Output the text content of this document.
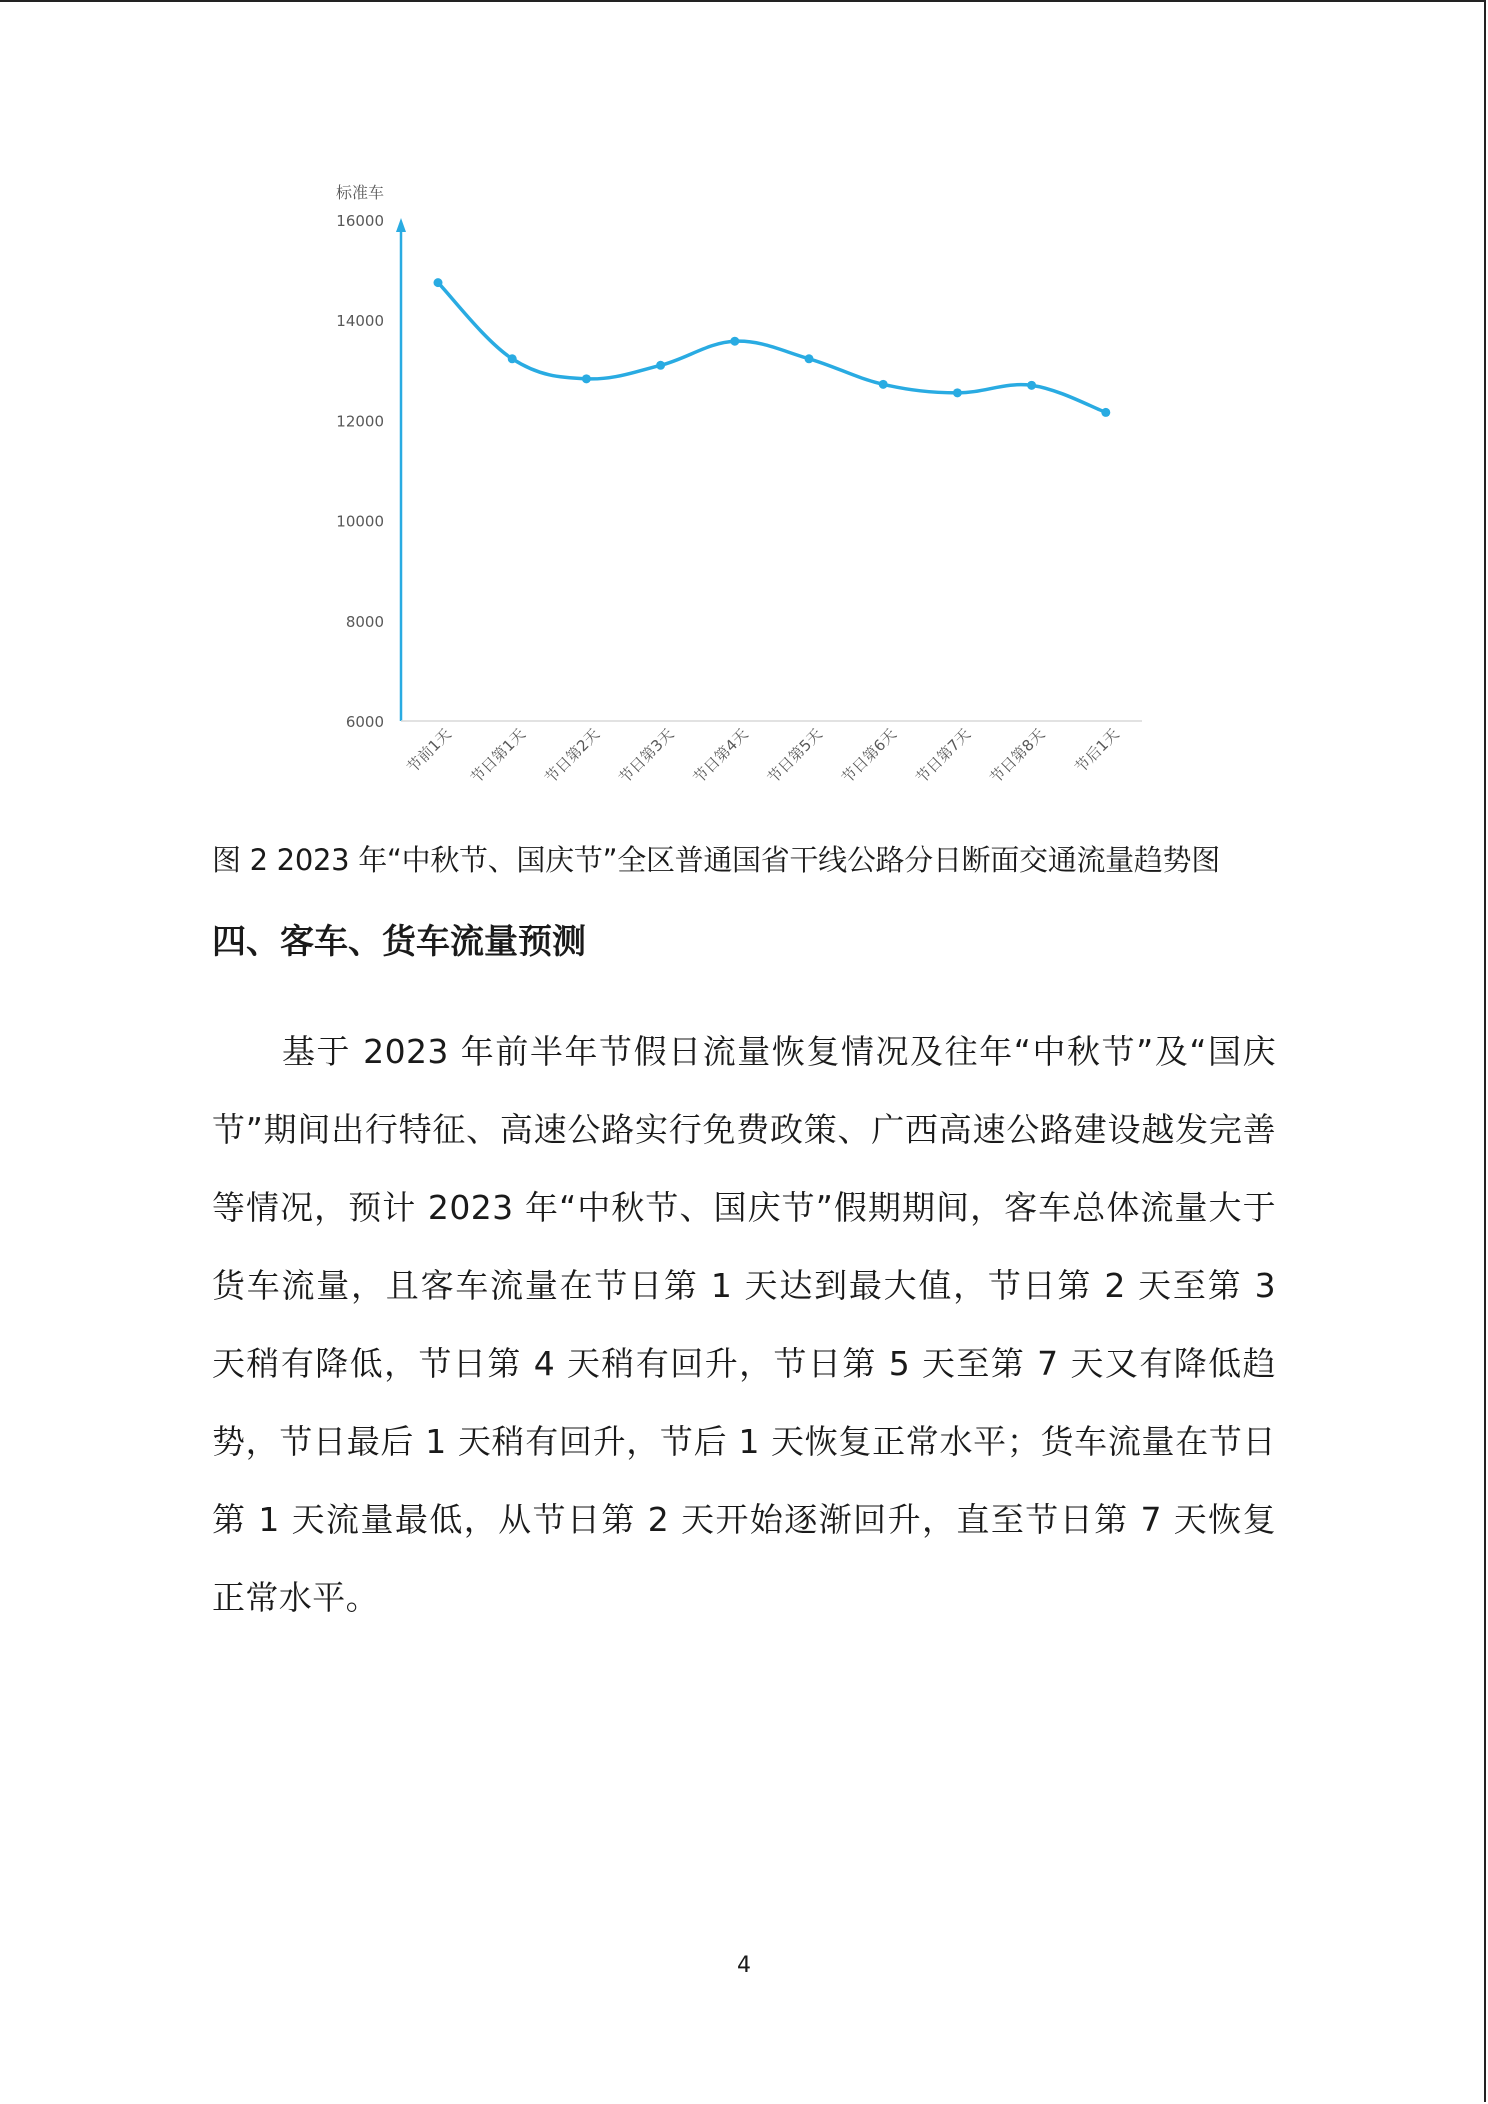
标准车
6000
8000
10000
12000
14000
16000
节前1天 节日第1天 节日第2天 节日第3天 节日第4天 节日第5天 节日第6天 节日第7天 节日第8天 节后1天
图 2 2023 年“中秋节、国庆节”全区普通国省干线公路分日断面交通流量趋势图
四、客车、货车流量预测
基于 2023 年前半年节假日流量恢复情况及往年“中秋节”及“国庆节”期间出行特征、高速公路实行免费政策、广西高速公路建设越发完善等情况，预计 2023 年“中秋节、国庆节”假期期间，客车总体流量大于货车流量，且客车流量在节日第 1 天达到最大值，节日第 2 天至第 3 天稍有降低，节日第 4 天稍有回升，节日第 5 天至第 7 天又有降低趋势，节日最后 1 天稍有回升，节后 1 天恢复正常水平；货车流量在节日第 1 天流量最低，从节日第 2 天开始逐渐回升，直至节日第 7 天恢复正常水平。
4
